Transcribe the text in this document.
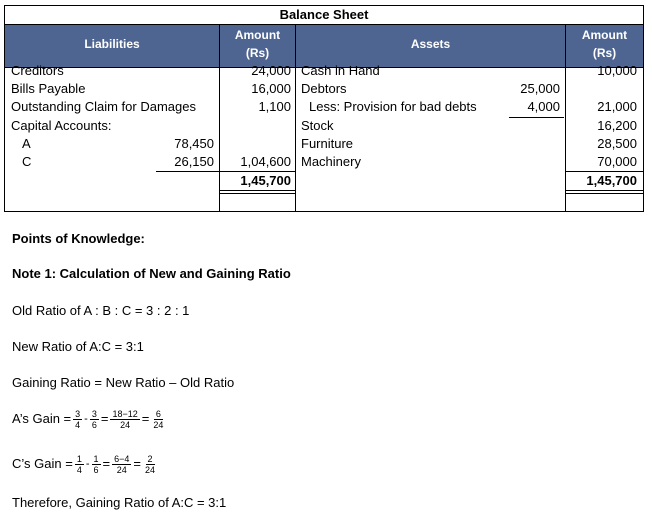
Balance Sheet
Liabilities
Amount
(Rs)
Assets
Amount
(Rs)
Creditors
Bills Payable
Outstanding Claim for Damages
Capital Accounts:
A
C
78,450
26,150
24,000
16,000
1,100
1,04,600
1,45,700
Cash in Hand
Debtors
Less: Provision for bad debts
Stock
Furniture
Machinery
25,000
4,000
10,000
21,000
16,200
28,500
70,000
1,45,700
Points of Knowledge:
Note 1: Calculation of New and Gaining Ratio
Old Ratio of A : B : C = 3 : 2 : 1
New Ratio of A:C = 3:1
Gaining Ratio = New Ratio – Old Ratio
A’s Gain = $\frac{3}{4} - \frac{3}{6} = \frac{18-12}{24} = \frac{6}{24}$
C’s Gain = $\frac{1}{4} - \frac{1}{6} = \frac{6-4}{24} = \frac{2}{24}$
Therefore, Gaining Ratio of A:C = 3:1
